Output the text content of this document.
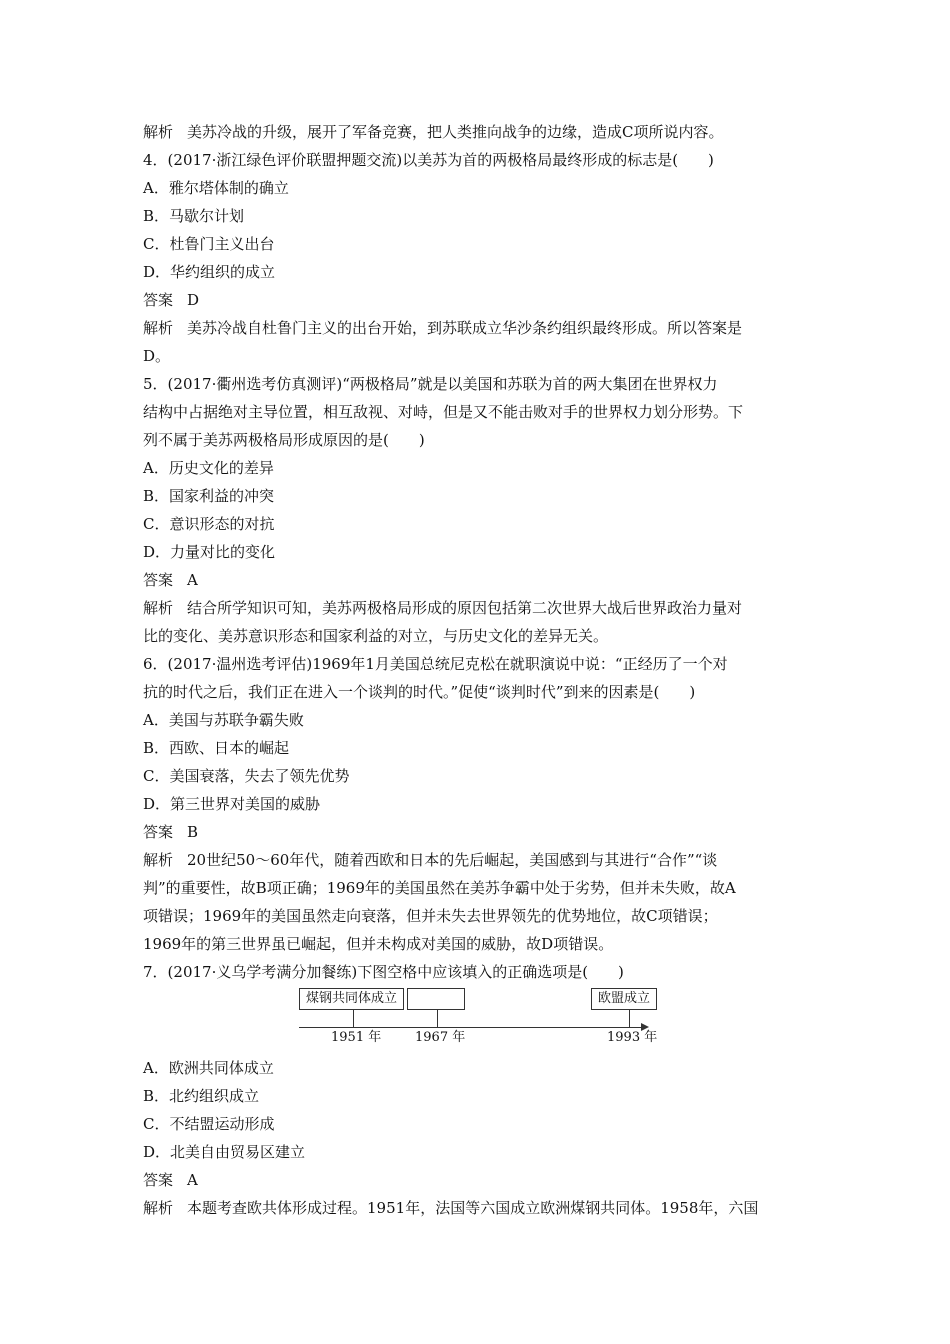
解析 美苏冷战的升级，展开了军备竞赛，把人类推向战争的边缘，造成C项所说内容。
4．(2017·浙江绿色评价联盟押题交流)以美苏为首的两极格局最终形成的标志是(　　)
A．雅尔塔体制的确立
B．马歇尔计划
C．杜鲁门主义出台
D．华约组织的成立
答案 D
解析 美苏冷战自杜鲁门主义的出台开始，到苏联成立华沙条约组织最终形成。所以答案是
D。
5．(2017·衢州选考仿真测评)“两极格局”就是以美国和苏联为首的两大集团在世界权力
结构中占据绝对主导位置，相互敌视、对峙，但是又不能击败对手的世界权力划分形势。下
列不属于美苏两极格局形成原因的是(　　)
A．历史文化的差异
B．国家利益的冲突
C．意识形态的对抗
D．力量对比的变化
答案 A
解析 结合所学知识可知，美苏两极格局形成的原因包括第二次世界大战后世界政治力量对
比的变化、美苏意识形态和国家利益的对立，与历史文化的差异无关。
6．(2017·温州选考评估)1969年1月美国总统尼克松在就职演说中说：“正经历了一个对
抗的时代之后，我们正在进入一个谈判的时代。”促使“谈判时代”到来的因素是(　　)
A．美国与苏联争霸失败
B．西欧、日本的崛起
C．美国衰落，失去了领先优势
D．第三世界对美国的威胁
答案 B
解析 20世纪50～60年代，随着西欧和日本的先后崛起，美国感到与其进行“合作”“谈
判”的重要性，故B项正确；1969年的美国虽然在美苏争霸中处于劣势，但并未失败，故A
项错误；1969年的美国虽然走向衰落，但并未失去世界领先的优势地位，故C项错误；
1969年的第三世界虽已崛起，但并未构成对美国的威胁，故D项错误。
7．(2017·义乌学考满分加餐练)下图空格中应该填入的正确选项是(　　)
煤钢共同体成立	欧盟成立
1951 年	1967 年	1993 年
A．欧洲共同体成立
B．北约组织成立
C．不结盟运动形成
D．北美自由贸易区建立
答案 A
解析 本题考查欧共体形成过程。1951年，法国等六国成立欧洲煤钢共同体。1958年，六国
